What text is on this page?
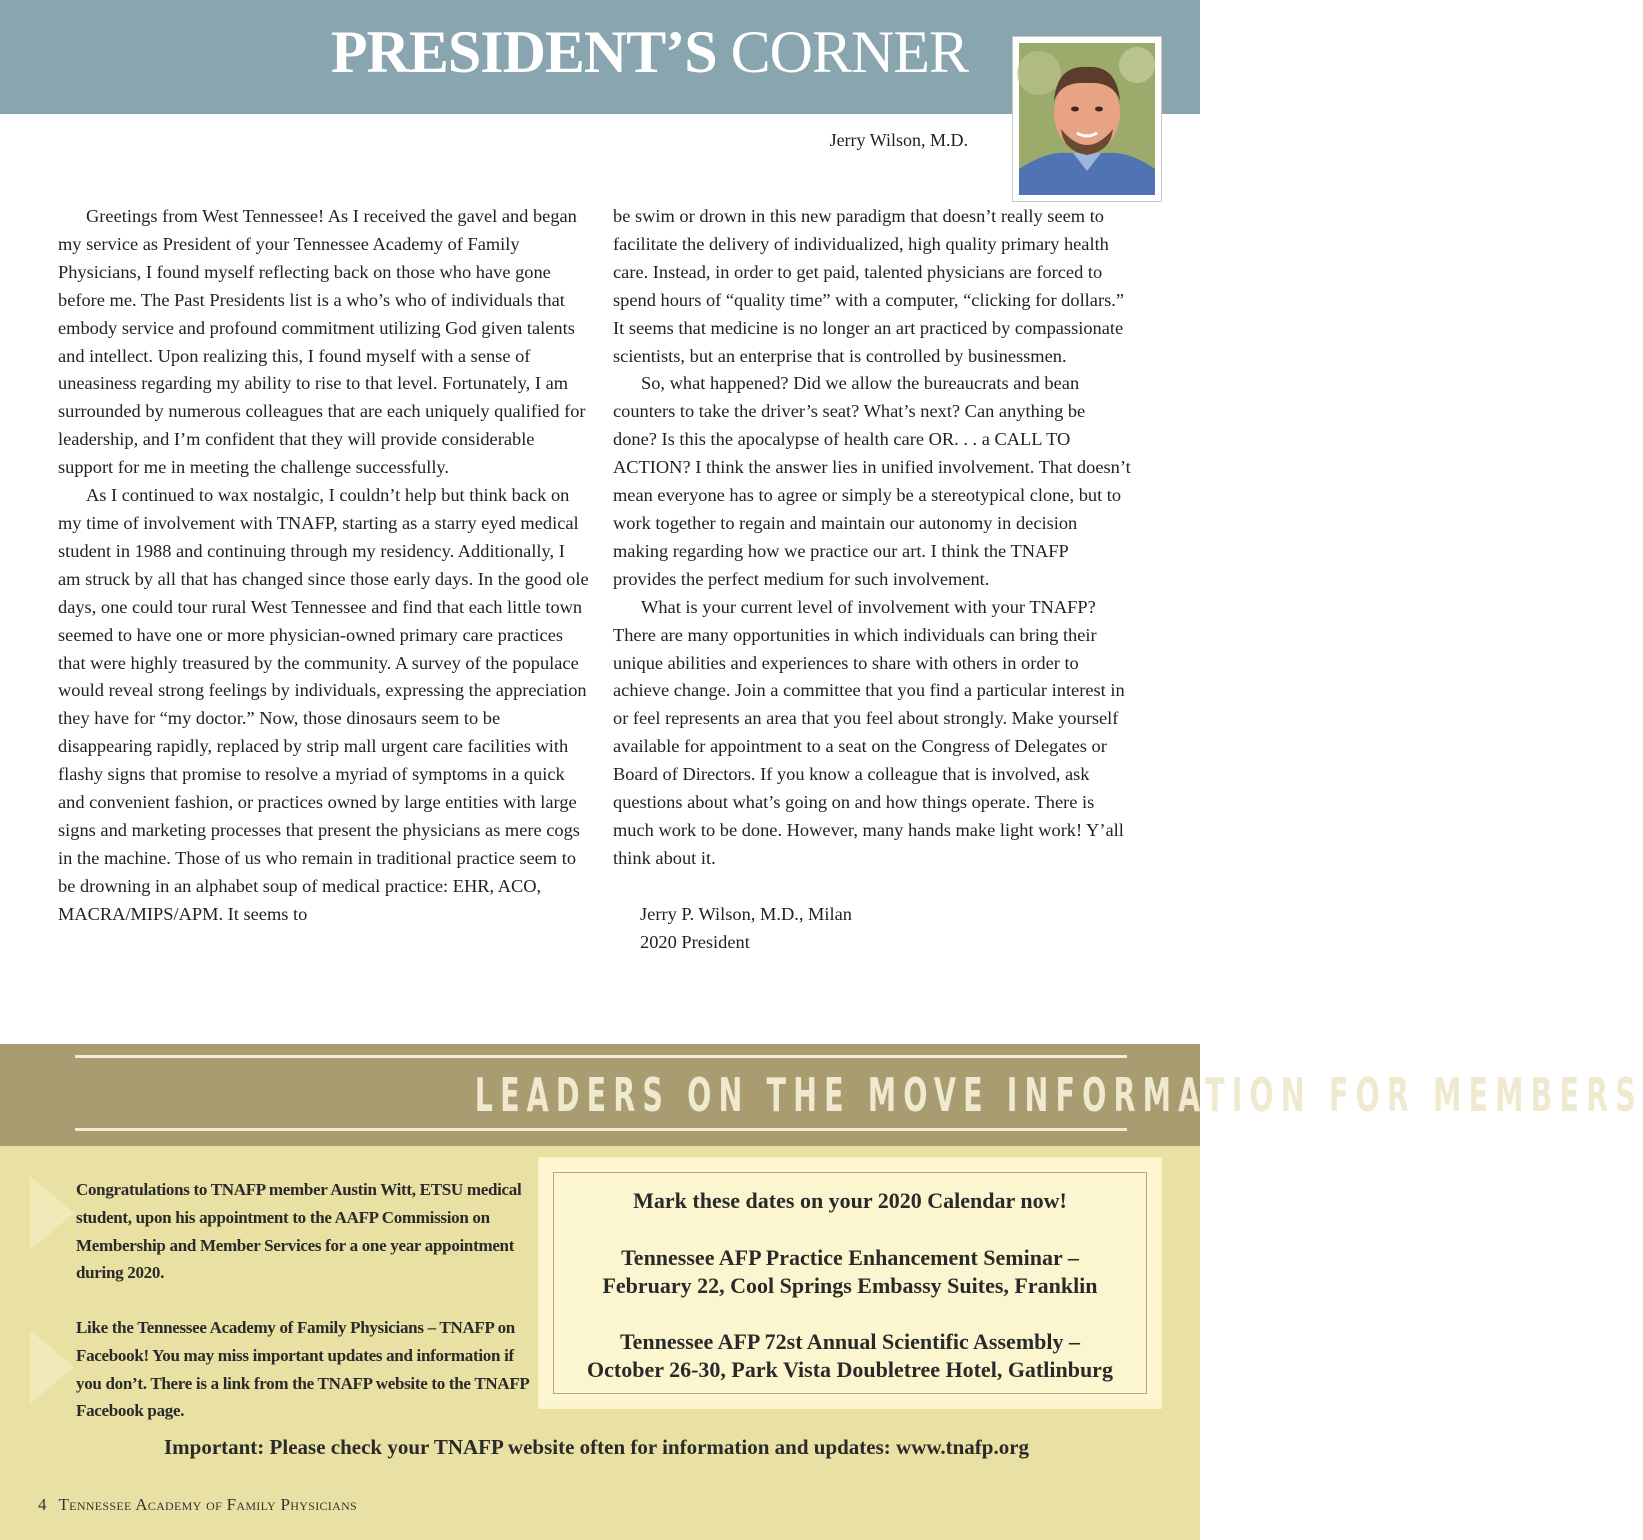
PRESIDENT’S CORNER
Jerry Wilson, M.D.

Greetings from West Tennessee! As I received the gavel and began my service as President of your Tennessee Academy of Family Physicians, I found myself reflecting back on those who have gone before me. The Past Presidents list is a who’s who of individuals that embody service and profound commitment utilizing God given talents and intellect. Upon realizing this, I found myself with a sense of uneasiness regarding my ability to rise to that level. Fortunately, I am surrounded by numerous colleagues that are each uniquely qualified for leadership, and I’m confident that they will provide considerable support for me in meeting the challenge successfully.

As I continued to wax nostalgic, I couldn’t help but think back on my time of involvement with TNAFP, starting as a starry eyed medical student in 1988 and continuing through my residency. Additionally, I am struck by all that has changed since those early days. In the good ole days, one could tour rural West Tennessee and find that each little town seemed to have one or more physician-owned primary care practices that were highly treasured by the community. A survey of the populace would reveal strong feelings by individuals, expressing the appreciation they have for “my doctor.” Now, those dinosaurs seem to be disappearing rapidly, replaced by strip mall urgent care facilities with flashy signs that promise to resolve a myriad of symptoms in a quick and convenient fashion, or practices owned by large entities with large signs and marketing processes that present the physicians as mere cogs in the machine. Those of us who remain in traditional practice seem to be drowning in an alphabet soup of medical practice: EHR, ACO, MACRA/MIPS/APM. It seems to

be swim or drown in this new paradigm that doesn’t really seem to facilitate the delivery of individualized, high quality primary health care. Instead, in order to get paid, talented physicians are forced to spend hours of “quality time” with a computer, “clicking for dollars.” It seems that medicine is no longer an art practiced by compassionate scientists, but an enterprise that is controlled by businessmen.

So, what happened? Did we allow the bureaucrats and bean counters to take the driver’s seat? What’s next? Can anything be done? Is this the apocalypse of health care OR. . . a CALL TO ACTION? I think the answer lies in unified involvement. That doesn’t mean everyone has to agree or simply be a stereotypical clone, but to work together to regain and maintain our autonomy in decision making regarding how we practice our art. I think the TNAFP provides the perfect medium for such involvement.

What is your current level of involvement with your TNAFP? There are many opportunities in which individuals can bring their unique abilities and experiences to share with others in order to achieve change. Join a committee that you find a particular interest in or feel represents an area that you feel about strongly. Make yourself available for appointment to a seat on the Congress of Delegates or Board of Directors. If you know a colleague that is involved, ask questions about what’s going on and how things operate. There is much work to be done. However, many hands make light work! Y’all think about it.

Jerry P. Wilson, M.D., Milan
2020 President

LEADERS ON THE MOVE INFORMATION FOR MEMBERS
Congratulations to TNAFP member Austin Witt, ETSU medical student, upon his appointment to the AAFP Commission on Membership and Member Services for a one year appointment during 2020.
Like the Tennessee Academy of Family Physicians – TNAFP on Facebook! You may miss important updates and information if you don’t. There is a link from the TNAFP website to the TNAFP Facebook page.
Mark these dates on your 2020 Calendar now!
Tennessee AFP Practice Enhancement Seminar –
February 22, Cool Springs Embassy Suites, Franklin
Tennessee AFP 72st Annual Scientific Assembly –
October 26-30, Park Vista Doubletree Hotel, Gatlinburg
Important: Please check your TNAFP website often for information and updates: www.tnafp.org
4 Tennessee Academy of Family Physicians
